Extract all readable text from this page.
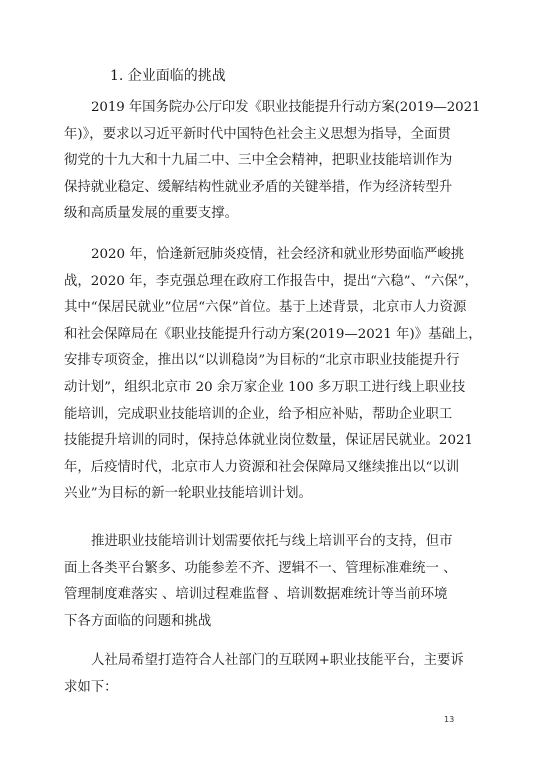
1. 企业面临的挑战
2019 年国务院办公厅印发《职业技能提升行动方案(2019—2021
年)》，要求以习近平新时代中国特色社会主义思想为指导，全面贯
彻党的十九大和十九届二中、三中全会精神，把职业技能培训作为
保持就业稳定、缓解结构性就业矛盾的关键举措，作为经济转型升
级和高质量发展的重要支撑。
2020 年，恰逢新冠肺炎疫情，社会经济和就业形势面临严峻挑
战，2020 年，李克强总理在政府工作报告中，提出“六稳”、“六保”，
其中“保居民就业”位居“六保”首位。基于上述背景，北京市人力资源
和社会保障局在《职业技能提升行动方案(2019—2021 年)》基础上，
安排专项资金，推出以“以训稳岗”为目标的“北京市职业技能提升行
动计划”，组织北京市 20 余万家企业 100 多万职工进行线上职业技
能培训，完成职业技能培训的企业，给予相应补贴，帮助企业职工
技能提升培训的同时，保持总体就业岗位数量，保证居民就业。2021
年，后疫情时代，北京市人力资源和社会保障局又继续推出以“以训
兴业”为目标的新一轮职业技能培训计划。
推进职业技能培训计划需要依托与线上培训平台的支持，但市
面上各类平台繁多、功能参差不齐、逻辑不一、管理标准难统一 、
管理制度难落实 、培训过程难监督 、培训数据难统计等当前环境
下各方面临的问题和挑战
人社局希望打造符合人社部门的互联网+职业技能平台，主要诉
求如下：
13
